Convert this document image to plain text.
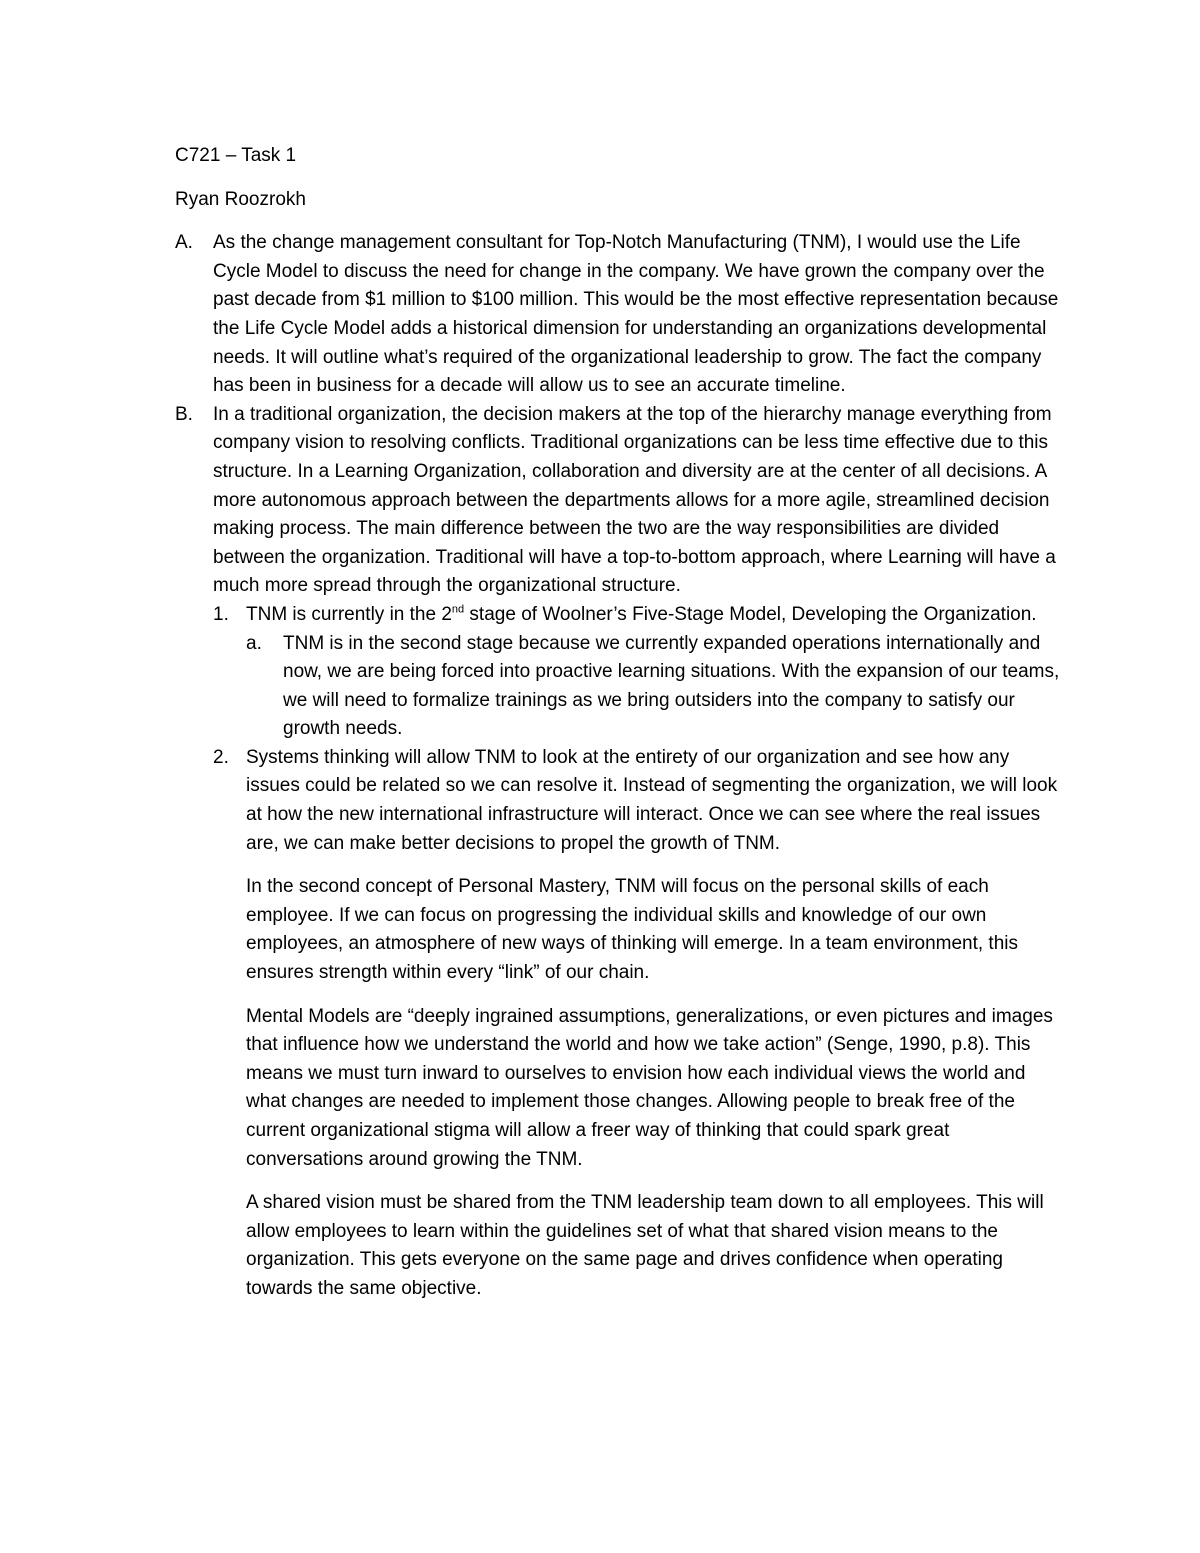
C721 – Task 1
Ryan Roozrokh
A. As the change management consultant for Top-Notch Manufacturing (TNM), I would use the Life Cycle Model to discuss the need for change in the company. We have grown the company over the past decade from $1 million to $100 million. This would be the most effective representation because the Life Cycle Model adds a historical dimension for understanding an organizations developmental needs. It will outline what’s required of the organizational leadership to grow. The fact the company has been in business for a decade will allow us to see an accurate timeline.

B. In a traditional organization, the decision makers at the top of the hierarchy manage everything from company vision to resolving conflicts. Traditional organizations can be less time effective due to this structure. In a Learning Organization, collaboration and diversity are at the center of all decisions. A more autonomous approach between the departments allows for a more agile, streamlined decision making process. The main difference between the two are the way responsibilities are divided between the organization. Traditional will have a top-to-bottom approach, where Learning will have a much more spread through the organizational structure.

1. TNM is currently in the 2nd stage of Woolner’s Five-Stage Model, Developing the Organization.

a. TNM is in the second stage because we currently expanded operations internationally and now, we are being forced into proactive learning situations. With the expansion of our teams, we will need to formalize trainings as we bring outsiders into the company to satisfy our growth needs.

2. Systems thinking will allow TNM to look at the entirety of our organization and see how any issues could be related so we can resolve it. Instead of segmenting the organization, we will look at how the new international infrastructure will interact. Once we can see where the real issues are, we can make better decisions to propel the growth of TNM.

In the second concept of Personal Mastery, TNM will focus on the personal skills of each employee. If we can focus on progressing the individual skills and knowledge of our own employees, an atmosphere of new ways of thinking will emerge. In a team environment, this ensures strength within every “link” of our chain.

Mental Models are “deeply ingrained assumptions, generalizations, or even pictures and images that influence how we understand the world and how we take action” (Senge, 1990, p.8). This means we must turn inward to ourselves to envision how each individual views the world and what changes are needed to implement those changes. Allowing people to break free of the current organizational stigma will allow a freer way of thinking that could spark great conversations around growing the TNM.

A shared vision must be shared from the TNM leadership team down to all employees. This will allow employees to learn within the guidelines set of what that shared vision means to the organization. This gets everyone on the same page and drives confidence when operating towards the same objective.
